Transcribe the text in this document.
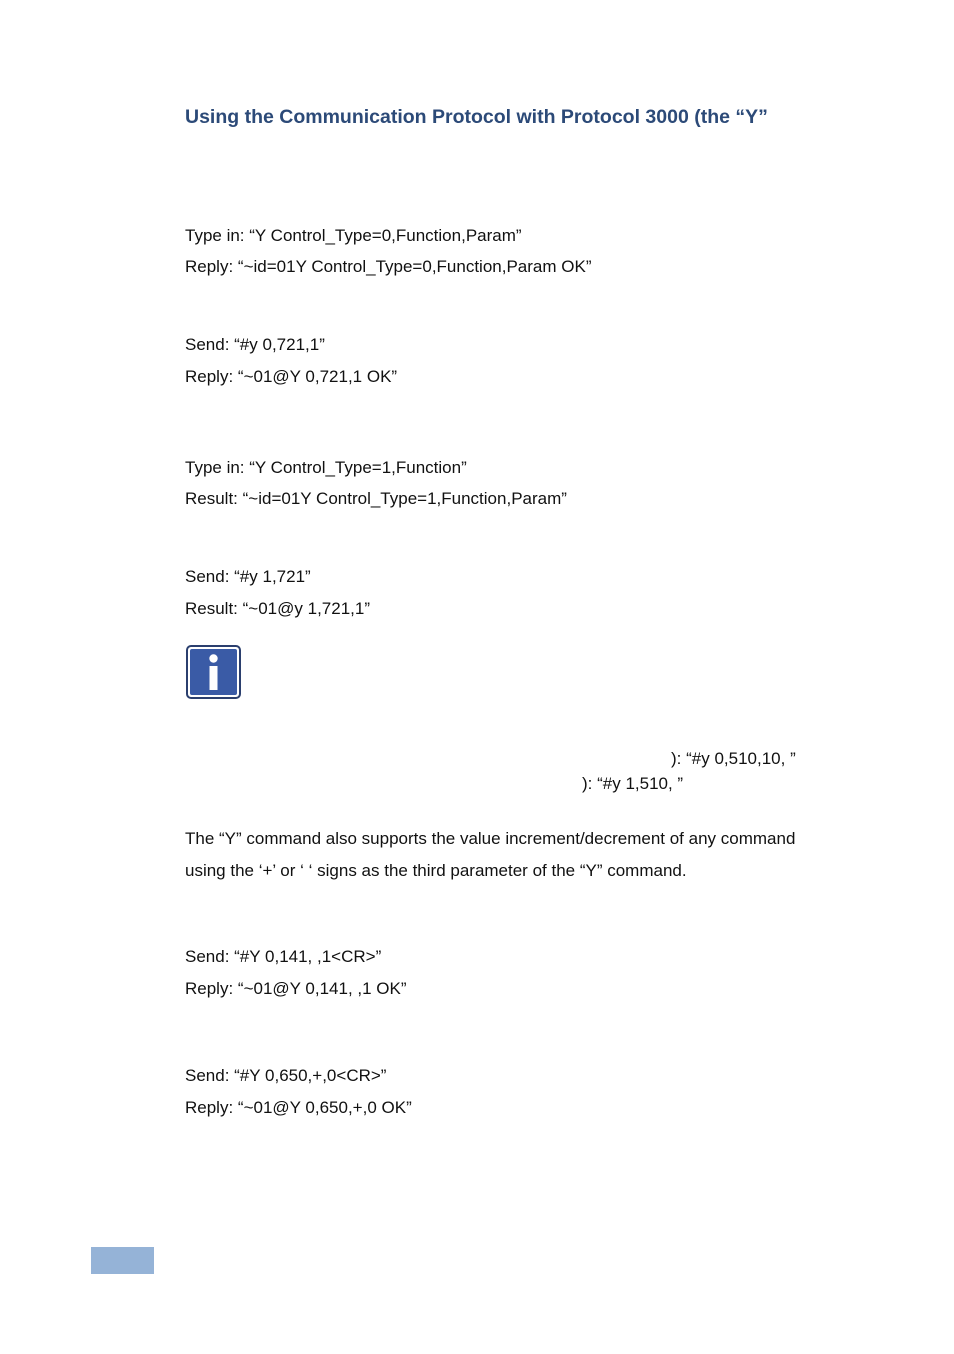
Using the Communication Protocol with Protocol 3000 (the “Y”
Type in: “Y Control_Type=0,Function,Param”
Reply: “~id=01Y Control_Type=0,Function,Param OK”
Send: “#y 0,721,1”
Reply: “~01@Y 0,721,1 OK”
Type in: “Y Control_Type=1,Function”
Result: “~id=01Y Control_Type=1,Function,Param”
Send: “#y 1,721”
Result: “~01@y 1,721,1”
): “#y 0,510,10, ”
): “#y 1,510, ”
The “Y” command also supports the value increment/decrement of any command
using the ‘+’ or ‘ ‘ signs as the third parameter of the “Y” command.
Send: “#Y 0,141, ,1<CR>”
Reply: “~01@Y 0,141, ,1 OK”
Send: “#Y 0,650,+,0<CR>”
Reply: “~01@Y 0,650,+,0 OK”
